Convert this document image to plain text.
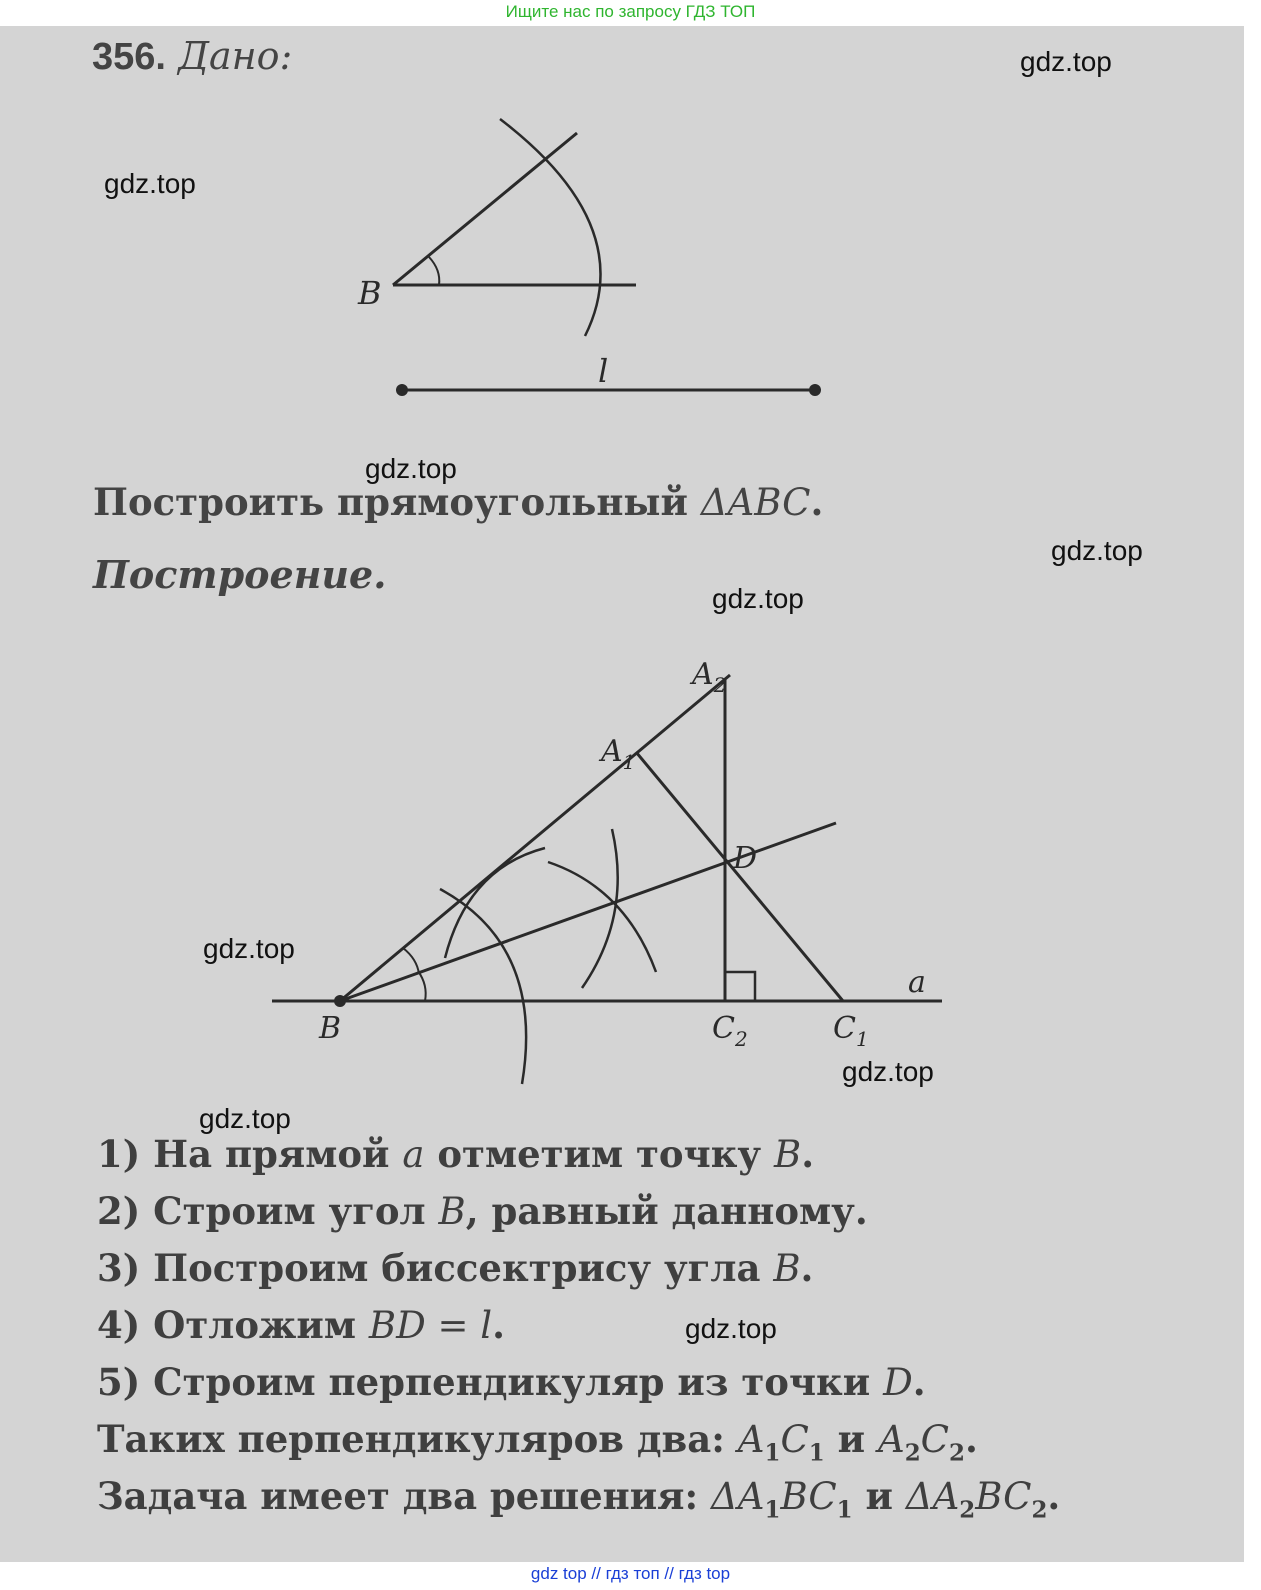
Ищите нас по запросу ГДЗ ТОП
356. Дано:
B
l
Построить прямоугольный ΔABC.
Построение.
$A_2$
$A_1$
D
a
B	$C_2$	$C_1$
1) На прямой a отметим точку B.
2) Строим угол B, равный данному.
3) Построим биссектрису угла B.
4) Отложим BD = l.
5) Строим перпендикуляр из точки D.
Таких перпендикуляров два: $A_1C_1$ и $A_2C_2$.
Задача имеет два решения: $\Delta A_1BC_1$ и $\Delta A_2BC_2$.
gdz.top
gdz.top
gdz.top
gdz.top
gdz.top
gdz.top
gdz.top
gdz.top
gdz.top
gdz top // гдз топ // гдз top
